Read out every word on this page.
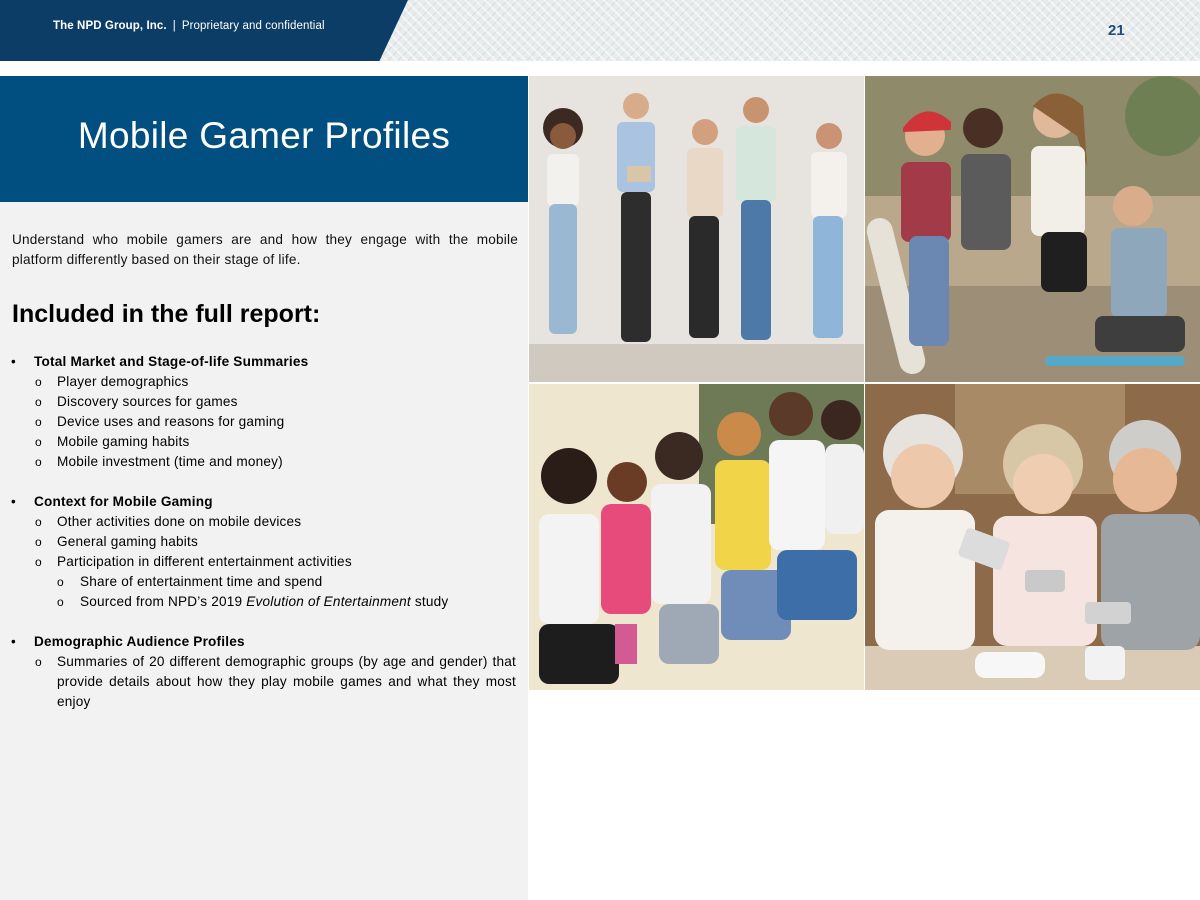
The NPD Group, Inc. | Proprietary and confidential	21
Mobile Gamer Profiles
Understand who mobile gamers are and how they engage with the mobile platform differently based on their stage of life.
Included in the full report:
• Total Market and Stage-of-life Summaries
o Player demographics
o Discovery sources for games
o Device uses and reasons for gaming
o Mobile gaming habits
o Mobile investment (time and money)
• Context for Mobile Gaming
o Other activities done on mobile devices
o General gaming habits
o Participation in different entertainment activities
o Share of entertainment time and spend
o Sourced from NPD’s 2019 Evolution of Entertainment study
• Demographic Audience Profiles
o Summaries of 20 different demographic groups (by age and gender) that provide details about how they play mobile games and what they most enjoy
